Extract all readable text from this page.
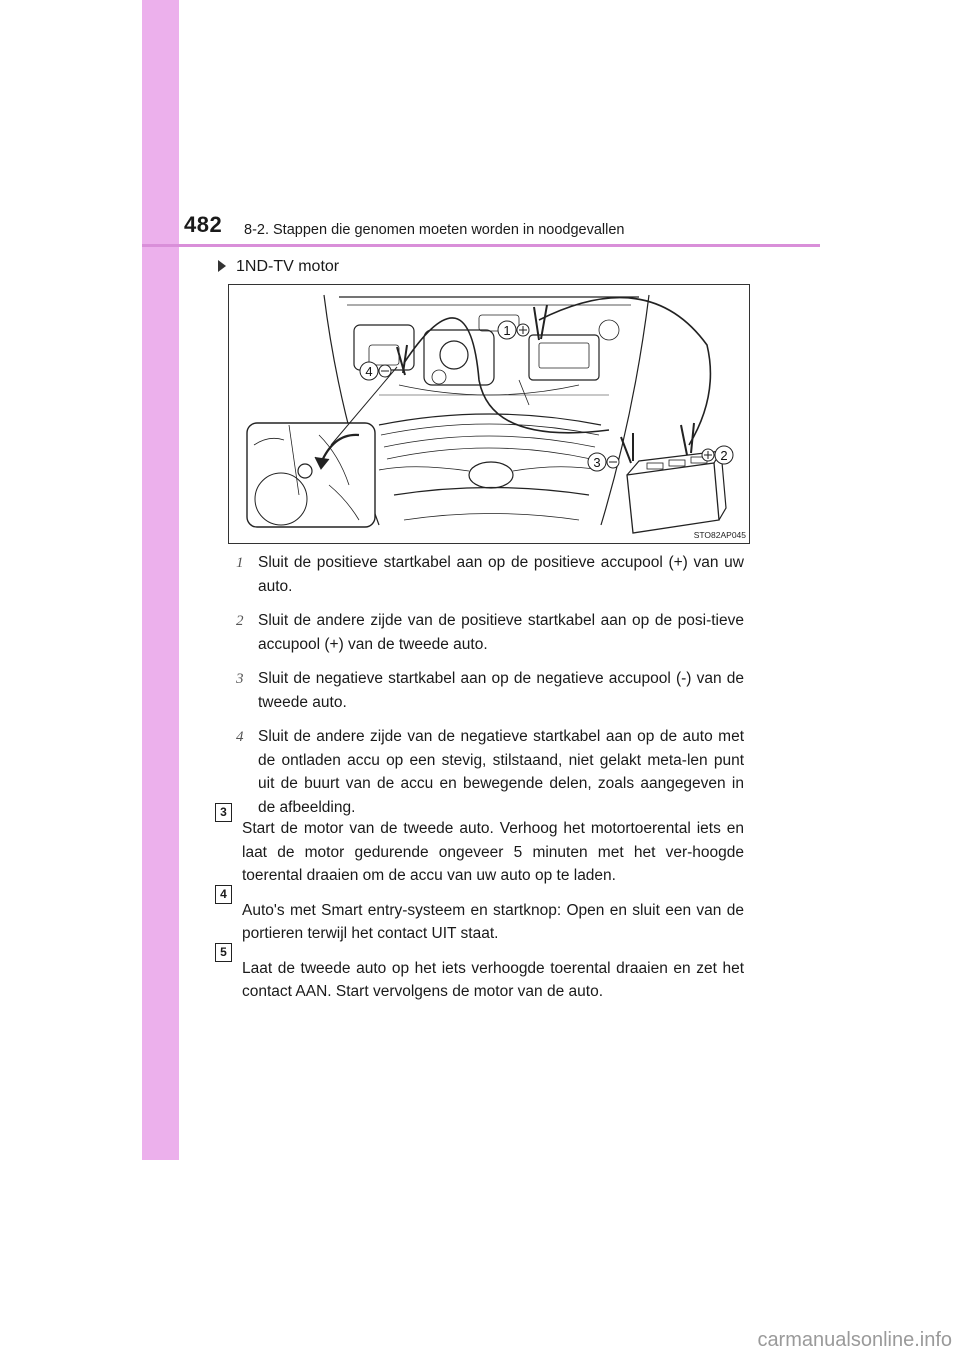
482 8-2. Stappen die genomen moeten worden in noodgevallen
1ND-TV motor
1
4
3	2
STO82AP045
1 Sluit de positieve startkabel aan op de positieve accupool (+) van uw auto.
2 Sluit de andere zijde van de positieve startkabel aan op de posi-tieve accupool (+) van de tweede auto.
3 Sluit de negatieve startkabel aan op de negatieve accupool (-) van de tweede auto.
4 Sluit de andere zijde van de negatieve startkabel aan op de auto met de ontladen accu op een stevig, stilstaand, niet gelakt meta-len punt uit de buurt van de accu en bewegende delen, zoals aangegeven in de afbeelding.
3
Start de motor van de tweede auto. Verhoog het motortoerental iets en laat de motor gedurende ongeveer 5 minuten met het ver-hoogde toerental draaien om de accu van uw auto op te laden.
4
Auto's met Smart entry-systeem en startknop: Open en sluit een van de portieren terwijl het contact UIT staat.
5
Laat de tweede auto op het iets verhoogde toerental draaien en zet het contact AAN. Start vervolgens de motor van de auto.
carmanualsonline.info
